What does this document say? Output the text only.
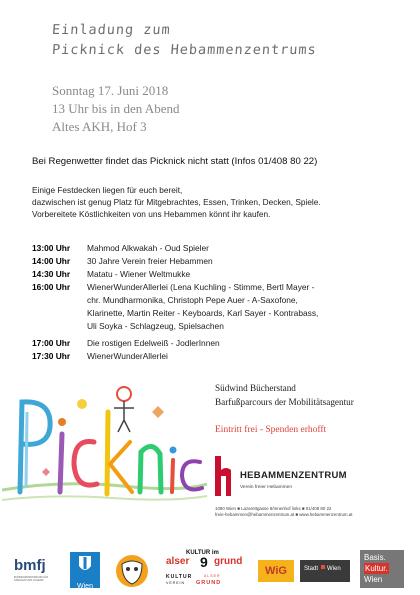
Einladung zum
Picknick des Hebammenzentrums
Sonntag 17. Juni 2018
13 Uhr bis in den Abend
Altes AKH, Hof 3
Bei Regenwetter findet das Picknick nicht statt (Infos 01/408 80 22)
Einige Festdecken liegen für euch bereit,
dazwischen ist genug Platz für Mitgebrachtes, Essen, Trinken, Decken, Spiele.
Vorbereitete Köstlichkeiten von uns Hebammen könnt ihr kaufen.
13:00 Uhr Mahmod Alkwakah - Oud Spieler
14:00 Uhr 30 Jahre Verein freier Hebammen
14:30 Uhr Matatu - Wiener Weltmukke
16:00 Uhr WienerWunderAllerlei (Lena Kuchling - Stimme, Bertl Mayer -
chr. Mundharmonika, Christoph Pepe Auer - A-Saxofone,
Klarinette, Martin Reiter - Keyboards, Karl Sayer - Kontrabass,
Uli Soyka - Schlagzeug, Spielsachen
17:00 Uhr Die rostigen Edelweiß - JodlerInnen
17:30 Uhr WienerWunderAllerlei
Südwind Bücherstand
Barfußparcours der Mobilitätsagentur
Eintritt frei - Spenden erhofft
HEBAMMENZENTRUM
Verein freier Hebammen
1090 Wien ■ Lazarettgasse 8/Innenhof links ■ 01/408 80 22
freie-hebammen@hebammenzentrum.at ■ www.hebammenzentrum.at
bmfj
BUNDESMINISTERIUM FÜR FAMILIEN UND JUGEND
Wien
KULTUR im
9
alser grund
KULTUR	ALSER
VEREIN GRUND
WiG	Stadt Wien
Basis.
Kultur.
Wien
